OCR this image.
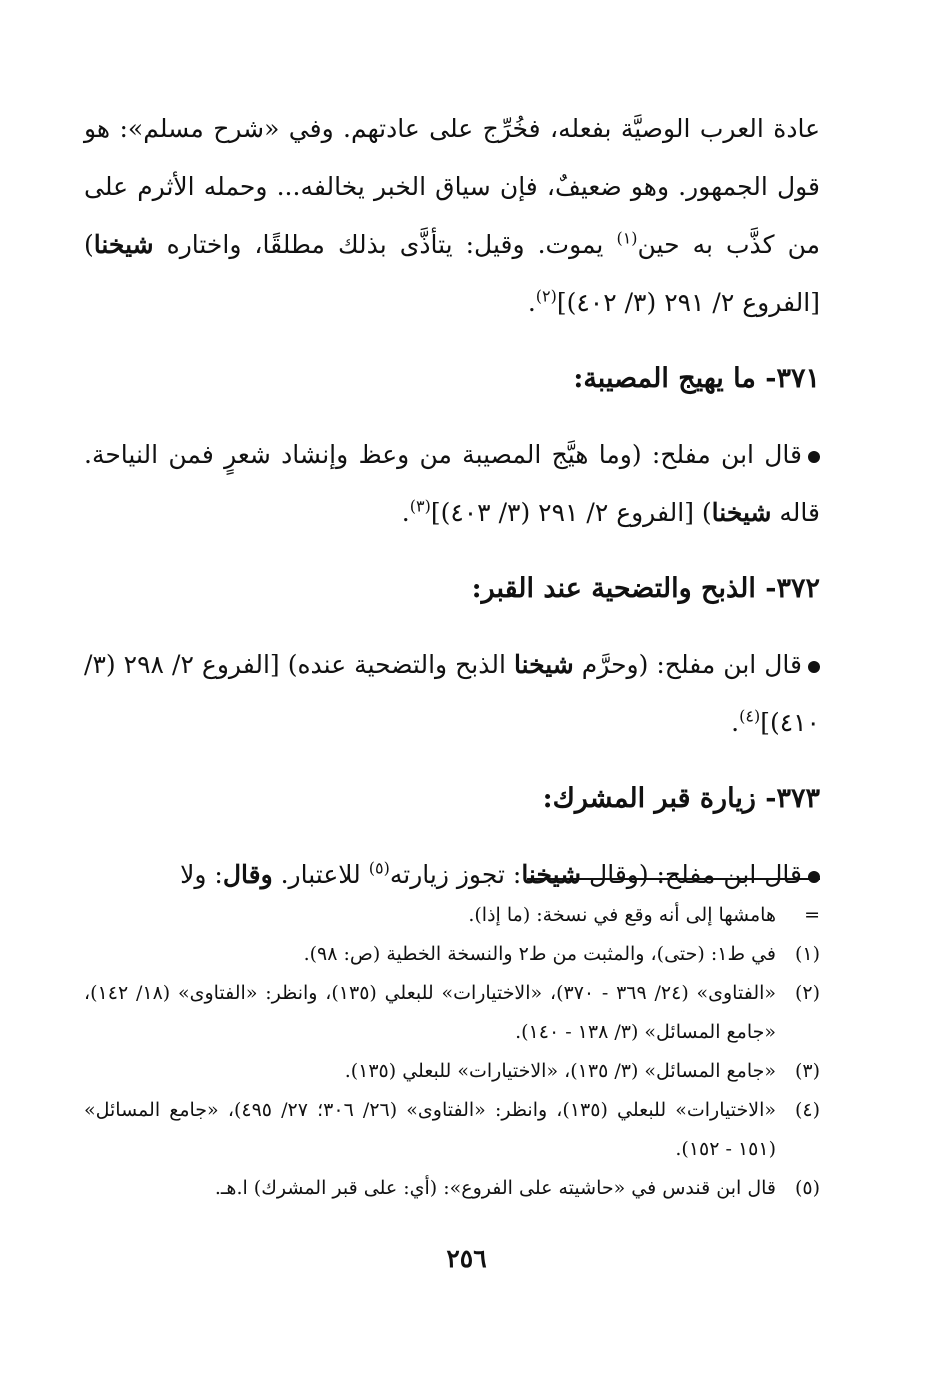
عادة العرب الوصيَّة بفعله، فخُرِّج على عادتهم. وفي «شرح مسلم»: هو قول الجمهور. وهو ضعيفٌ، فإن سياق الخبر يخالفه... وحمله الأثرم على من كذَّب به حين$^{(١)}$ يموت. وقيل: يتأذَّى بذلك مطلقًا، واختاره شيخنا) [الفروع ٢/ ٢٩١ (٣/ ٤٠٢)]$^{(٢)}$.

٣٧١- ما يهيج المصيبة:

قال ابن مفلح: (وما هيَّج المصيبة من وعظ وإنشاد شعرٍ فمن النياحة. قاله شيخنا) [الفروع ٢/ ٢٩١ (٣/ ٤٠٣)]$^{(٣)}$.

٣٧٢- الذبح والتضحية عند القبر:

قال ابن مفلح: (وحرَّم شيخنا الذبح والتضحية عنده) [الفروع ٢/ ٢٩٨ (٣/ ٤١٠)]$^{(٤)}$.

٣٧٣- زيارة قبر المشرك:

قال ابن مفلح: (وقال شيخنا: تجوز زيارته$^{(٥)}$ للاعتبار. وقال: ولا

=
هامشها إلى أنه وقع في نسخة: (ما إذا).

(١)
في ط١: (حتى)، والمثبت من ط٢ والنسخة الخطية (ص: ٩٨).

(٢)
«الفتاوى» (٢٤/ ٣٦٩ - ٣٧٠)، «الاختيارات» للبعلي (١٣٥)، وانظر: «الفتاوى» (١٨/ ١٤٢)، «جامع المسائل» (٣/ ١٣٨ - ١٤٠).

(٣)
«جامع المسائل» (٣/ ١٣٥)، «الاختيارات» للبعلي (١٣٥).

(٤)
«الاختيارات» للبعلي (١٣٥)، وانظر: «الفتاوى» (٢٦/ ٣٠٦؛ ٢٧/ ٤٩٥)، «جامع المسائل» (١٥١ - ١٥٢).

(٥)
قال ابن قندس في «حاشيته على الفروع»: (أي: على قبر المشرك) ا.هـ.

٢٥٦
